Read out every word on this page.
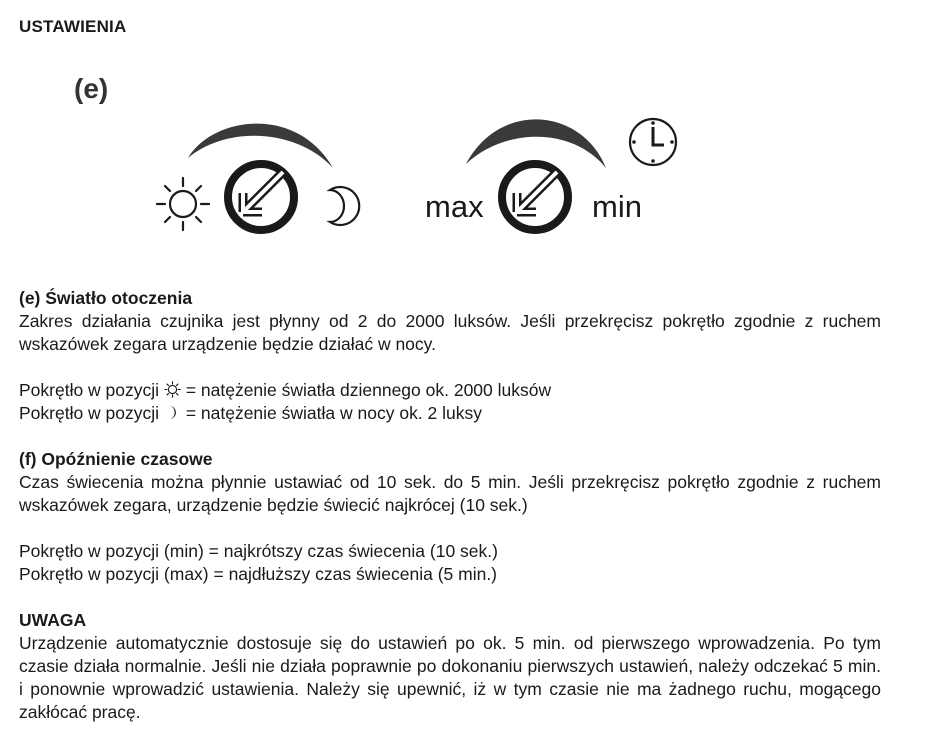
USTAWIENIA
(e)
max	min
(e) Światło otoczenia
Zakres działania czujnika jest płynny od 2 do 2000 luksów. Jeśli przekręcisz pokrętło zgodnie z ruchem wskazówek zegara urządzenie będzie działać w nocy.
Pokrętło w pozycji = natężenie światła dziennego ok. 2000 luksów
Pokrętło w pozycji = natężenie światła w nocy ok. 2 luksy
(f) Opóźnienie czasowe
Czas świecenia można płynnie ustawiać od 10 sek. do 5 min. Jeśli przekręcisz pokrętło zgodnie z ruchem wskazówek zegara, urządzenie będzie świecić najkrócej (10 sek.)
Pokrętło w pozycji (min) = najkrótszy czas świecenia (10 sek.)
Pokrętło w pozycji (max) = najdłuższy czas świecenia (5 min.)
UWAGA
Urządzenie automatycznie dostosuje się do ustawień po ok. 5 min. od pierwszego wprowadzenia. Po tym czasie działa normalnie. Jeśli nie działa poprawnie po dokonaniu pierwszych ustawień, należy odczekać 5 min. i ponownie wprowadzić ustawienia. Należy się upewnić, iż w tym czasie nie ma żadnego ruchu, mogącego zakłócać pracę.
